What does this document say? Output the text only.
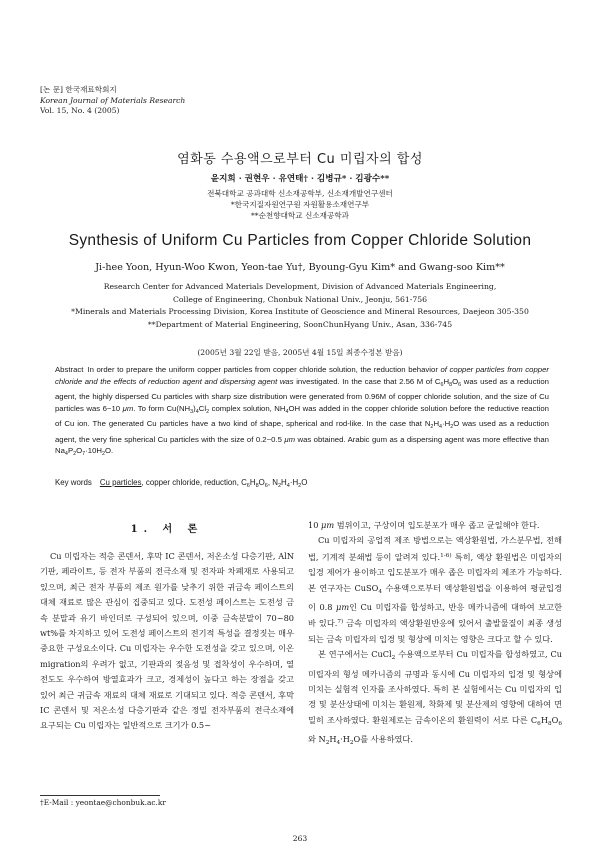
[논 문] 한국재료학회지
Korean Journal of Materials Research
Vol. 15, No. 4 (2005)
염화동 수용액으로부터 Cu 미립자의 합성
윤지희 · 권현우 · 유연태† · 김병규* · 김광수**
전북대학교 공과대학 신소재공학부, 신소재개발연구센터
*한국지질자원연구원 자원활용소재연구부
**순천향대학교 신소재공학과
Synthesis of Uniform Cu Particles from Copper Chloride Solution
Ji-hee Yoon, Hyun-Woo Kwon, Yeon-tae Yu†, Byoung-Gyu Kim* and Gwang-soo Kim**
Research Center for Advanced Materials Development, Division of Advanced Materials Engineering,
College of Engineering, Chonbuk National Univ., Jeonju, 561-756
*Minerals and Materials Processing Division, Korea Institute of Geoscience and Mineral Resources, Daejeon 305-350
**Department of Material Engineering, SoonChunHyang Univ., Asan, 336-745
(2005년 3월 22일 받음, 2005년 4월 15일 최종수정본 받음)
Abstract In order to prepare the uniform copper particles from copper chloride solution, the reduction behavior of copper particles from copper chloride and the effects of reduction agent and dispersing agent was investigated. In the case that 2.56 M of $C_6H_8O_6$ was used as a reduction agent, the highly dispersed Cu particles with sharp size distribution were generated from 0.96M of copper chloride solution, and the size of Cu particles was 6~10 μm. To form $Cu(NH_3)_4Cl_2$ complex solution, $NH_4OH$ was added in the copper chloride solution before the reductive reaction of Cu ion. The generated Cu particles have a two kind of shape, spherical and rod-like. In the case that $N_2H_4\cdot H_2O$ was used as a reduction agent, the very fine spherical Cu particles with the size of 0.2~0.5 μm was obtained. Arabic gum as a dispersing agent was more effective than $Na_4P_2O_7\cdot 10H_2O$.
Key words Cu particles, copper chloride, reduction, $C_6H_8O_6$, $N_2H_4\cdot H_2O$
1. 서 론

Cu 미립자는 적층 콘덴서, 후막 IC 콘덴서, 저온소성 다층기판, AlN 기판, 페라이트, 등 전자 부품의 전극소재 및 전자파 차폐재로 사용되고 있으며, 최근 전자 부품의 제조 원가를 낮추기 위한 귀금속 페이스트의 대체 재료로 많은 관심이 집중되고 있다. 도전성 페이스트는 도전성 금속 분말과 유기 바인더로 구성되어 있으며, 이중 금속분말이 70~80 wt%를 차지하고 있어 도전성 페이스트의 전기적 특성을 결정짓는 매우 중요한 구성요소이다. Cu 미립자는 우수한 도전성을 갖고 있으며, 이온 migration의 우려가 없고, 기판과의 젖음성 및 접착성이 우수하며, 열전도도 우수하여 방열효과가 크고, 경제성이 높다고 하는 장점을 갖고 있어 최근 귀금속 재료의 대체 재료로 기대되고 있다. 적층 콘덴서, 후막 IC 콘덴서 및 저온소성 다층기판과 같은 정밀 전자부품의 전극소재에 요구되는 Cu 미립자는 일반적으로 크기가 0.5~

10 μm 범위이고, 구상이며 입도분포가 매우 좁고 균일해야 한다.

Cu 미립자의 공업적 제조 방법으로는 액상환원법, 가스분무법, 전해법, 기계적 분쇄법 등이 알려져 있다.$^{1-6)}$ 특히, 액상 환원법은 미립자의 입경 제어가 용이하고 입도분포가 매우 좁은 미립자의 제조가 가능하다. 본 연구자는 CuSO$_4$ 수용액으로부터 액상환원법을 이용하여 평균입경이 0.8 μm인 Cu 미립자를 합성하고, 반응 메카니즘에 대하여 보고한 바 있다.$^{7)}$ 금속 미립자의 액상환원반응에 있어서 출발물질이 최종 생성되는 금속 미립자의 입경 및 형상에 미치는 영향은 크다고 할 수 있다.

본 연구에서는 CuCl$_2$ 수용액으로부터 Cu 미립자를 합성하였고, Cu 미립자의 형성 메카니즘의 규명과 동시에 Cu 미립자의 입경 및 형상에 미치는 실험적 인자를 조사하였다. 특히 본 실험에서는 Cu 미립자의 입경 및 분산상태에 미치는 환원제, 착화제 및 분산제의 영향에 대하여 면밀히 조사하였다. 환원제로는 금속이온의 환원력이 서로 다른 $C_6H_8O_6$와 $N_2H_4\cdot H_2O$를 사용하였다.

†E-Mail : yeontae@chonbuk.ac.kr
263
